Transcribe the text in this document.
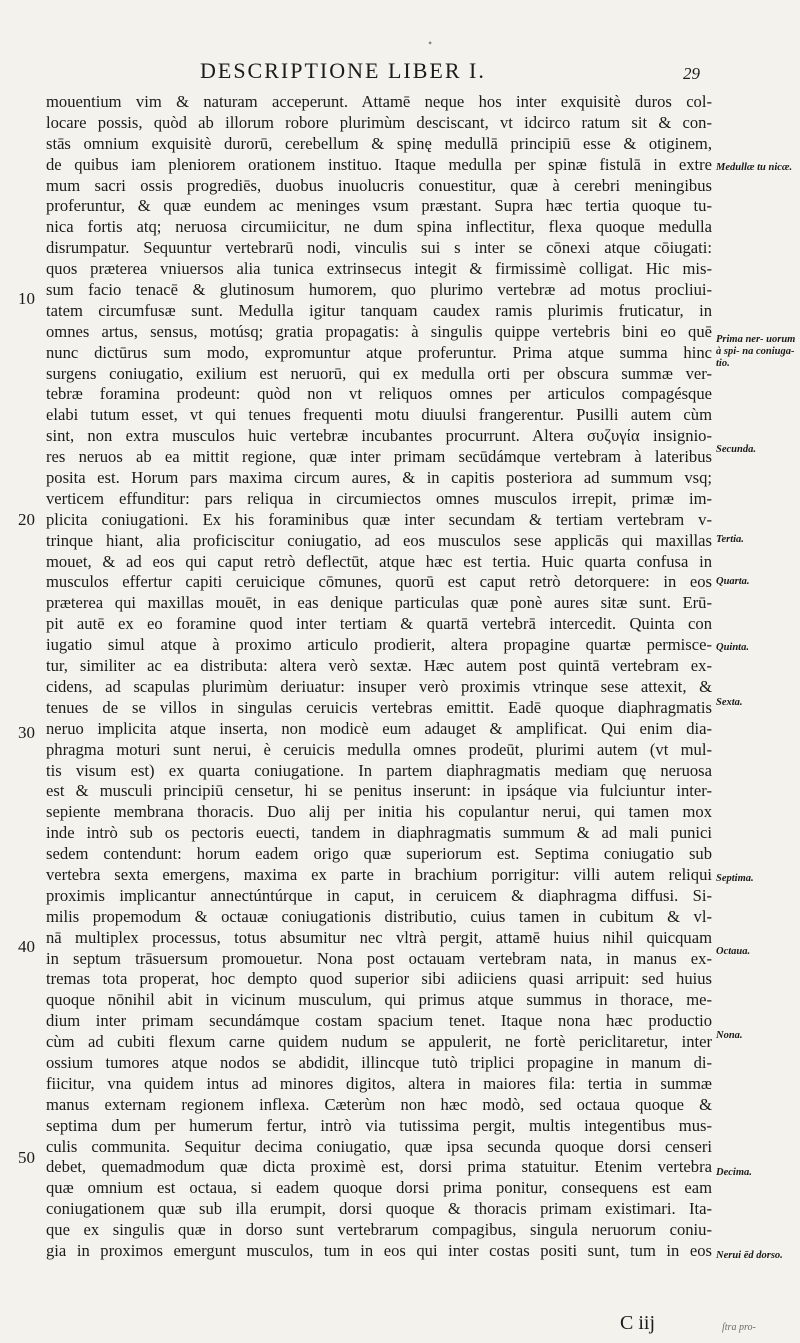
•
DESCRIPTIONE LIBER I.	29
10
20
30
40
50
mouentium vim & naturam acceperunt. Attamē neque hos inter exquisitè duros col-
locare possis, quòd ab illorum robore plurimùm desciscant, vt idcirco ratum sit & con-
stās omnium exquisitè durorū, cerebellum & spinę medullā principiū esse & otiginem,
de quibus iam pleniorem orationem instituo. Itaque medulla per spinæ fistulā in extre
mum sacri ossis progrediēs, duobus inuolucris conuestitur, quæ à cerebri meningibus
proferuntur, & quæ eundem ac meninges vsum præstant. Supra hæc tertia quoque tu-
nica fortis atq; neruosa circumiicitur, ne dum spina inflectitur, flexa quoque medulla
disrumpatur. Sequuntur vertebrarū nodi, vinculis sui s inter se cōnexi atque cōiugati:
quos præterea vniuersos alia tunica extrinsecus integit & firmissimè colligat. Hic mis-
sum facio tenacē & glutinosum humorem, quo plurimo vertebræ ad motus procliui-
tatem circumfusæ sunt. Medulla igitur tanquam caudex ramis plurimis fruticatur, in
omnes artus, sensus, motúsq; gratia propagatis: à singulis quippe vertebris bini eo quē
nunc dictūrus sum modo, expromuntur atque proferuntur. Prima atque summa hinc
surgens coniugatio, exilium est neruorū, qui ex medulla orti per obscura summæ ver-
tebræ foramina prodeunt: quòd non vt reliquos omnes per articulos compagésque
elabi tutum esset, vt qui tenues frequenti motu diuulsi frangerentur. Pusilli autem cùm
sint, non extra musculos huic vertebræ incubantes procurrunt. Altera συζυγία insignio-
res neruos ab ea mittit regione, quæ inter primam secūdámque vertebram à lateribus
posita est. Horum pars maxima circum aures, & in capitis posteriora ad summum vsq;
verticem effunditur: pars reliqua in circumiectos omnes musculos irrepit, primæ im-
plicita coniugationi. Ex his foraminibus quæ inter secundam & tertiam vertebram v-
trinque hiant, alia proficiscitur coniugatio, ad eos musculos sese applicās qui maxillas
mouet, & ad eos qui caput retrò deflectūt, atque hæc est tertia. Huic quarta confusa in
musculos effertur capiti ceruicique cōmunes, quorū est caput retrò detorquere: in eos
præterea qui maxillas mouēt, in eas denique particulas quæ ponè aures sitæ sunt. Erū-
pit autē ex eo foramine quod inter tertiam & quartā vertebrā intercedit. Quinta con
iugatio simul atque à proximo articulo prodierit, altera propagine quartæ permisce-
tur, similiter ac ea distributa: altera verò sextæ. Hæc autem post quintā vertebram ex-
cidens, ad scapulas plurimùm deriuatur: insuper verò proximis vtrinque sese attexit, &
tenues de se villos in singulas ceruicis vertebras emittit. Eadē quoque diaphragmatis
neruo implicita atque inserta, non modicè eum adauget & amplificat. Qui enim dia-
phragma moturi sunt nerui, è ceruicis medulla omnes prodeūt, plurimi autem (vt mul-
tis visum est) ex quarta coniugatione. In partem diaphragmatis mediam quę neruosa
est & musculi principiū censetur, hi se penitus inserunt: in ipsáque via fulciuntur inter-
sepiente membrana thoracis. Duo alij per initia his copulantur nerui, qui tamen mox
inde intrò sub os pectoris euecti, tandem in diaphragmatis summum & ad mali punici
sedem contendunt: horum eadem origo quæ superiorum est. Septima coniugatio sub
vertebra sexta emergens, maxima ex parte in brachium porrigitur: villi autem reliqui
proximis implicantur annectúntúrque in caput, in ceruicem & diaphragma diffusi. Si-
milis propemodum & octauæ coniugationis distributio, cuius tamen in cubitum & vl-
nā multiplex processus, totus absumitur nec vltrà pergit, attamē huius nihil quicquam
in septum trāsuersum promouetur. Nona post octauam vertebram nata, in manus ex-
tremas tota properat, hoc dempto quod superior sibi adiiciens quasi arripuit: sed huius
quoque nōnihil abit in vicinum musculum, qui primus atque summus in thorace, me-
dium inter primam secundámque costam spacium tenet. Itaque nona hæc productio
cùm ad cubiti flexum carne quidem nudum se appulerit, ne fortè periclitaretur, inter
ossium tumores atque nodos se abdidit, illincque tutò triplici propagine in manum di-
fiicitur, vna quidem intus ad minores digitos, altera in maiores fila: tertia in summæ
manus externam regionem inflexa. Cæterùm non hæc modò, sed octaua quoque &
septima dum per humerum fertur, intrò via tutissima pergit, multis integentibus mus-
culis communita. Sequitur decima coniugatio, quæ ipsa secunda quoque dorsi censeri
debet, quemadmodum quæ dicta proximè est, dorsi prima statuitur. Etenim vertebra
quæ omnium est octaua, si eadem quoque dorsi prima ponitur, consequens est eam
coniugationem quæ sub illa erumpit, dorsi quoque & thoracis primam existimari. Ita-
que ex singulis quæ in dorso sunt vertebrarum compagibus, singula neruorum coniu-
gia in proximos emergunt musculos, tum in eos qui inter costas positi sunt, tum in eos
Medullæ tu nicæ.
Prima ner- uorum à spi- na coniuga- tio.
Secunda.
Tertia.
Quarta.
Quinta.
Sexta.
Septima.
Octaua.
Nona.
Decima.
Nerui ēd dorso.
C iij	ſtra pro-
